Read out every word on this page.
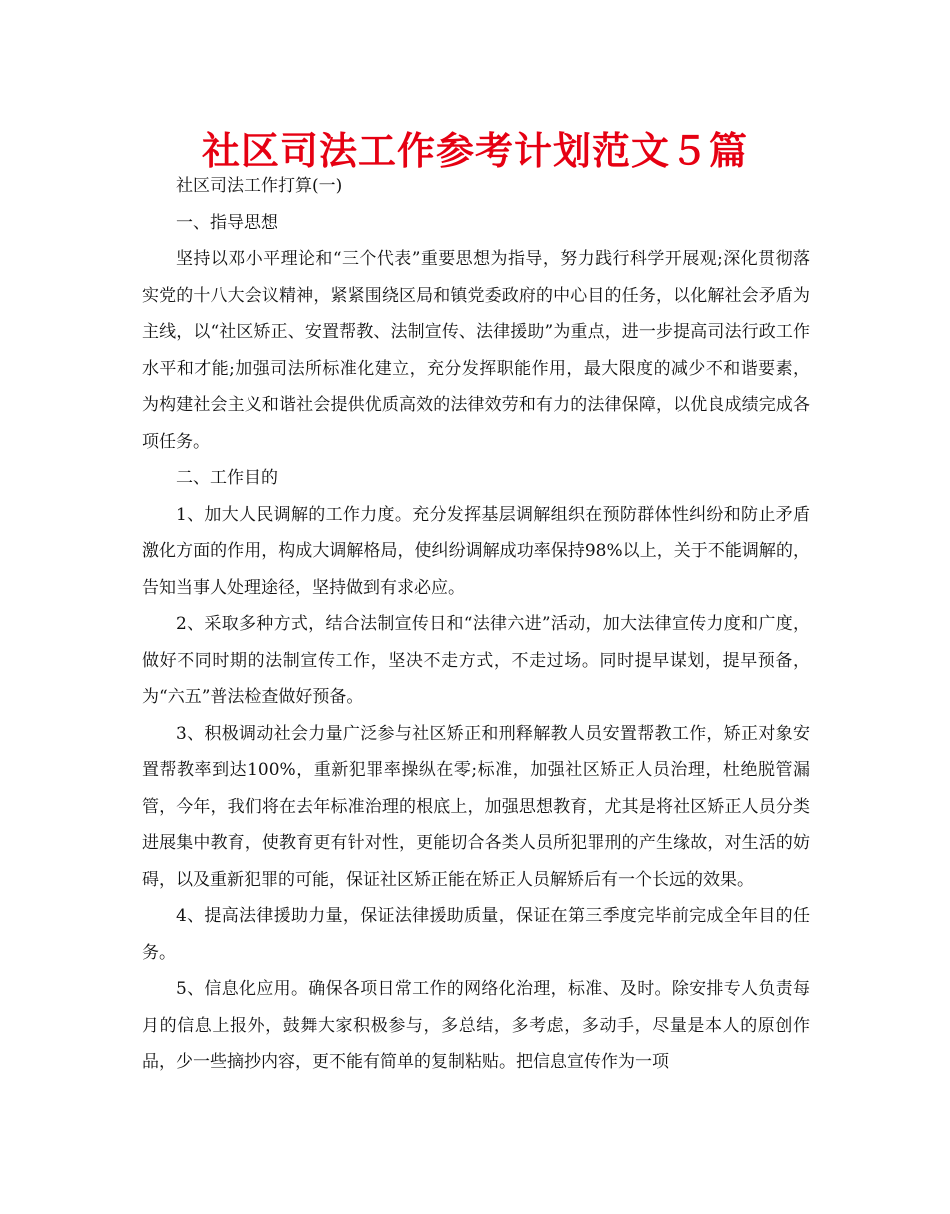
社区司法工作参考计划范文５篇

社区司法工作打算(一)

一、指导思想

坚持以邓小平理论和“三个代表”重要思想为指导，努力践行科学开展观;深化贯彻落实党的十八大会议精神，紧紧围绕区局和镇党委政府的中心目的任务，以化解社会矛盾为主线，以“社区矫正、安置帮教、法制宣传、法律援助”为重点，进一步提高司法行政工作水平和才能;加强司法所标准化建立，充分发挥职能作用，最大限度的减少不和谐要素，为构建社会主义和谐社会提供优质高效的法律效劳和有力的法律保障，以优良成绩完成各项任务。

二、工作目的

1、加大人民调解的工作力度。充分发挥基层调解组织在预防群体性纠纷和防止矛盾激化方面的作用，构成大调解格局，使纠纷调解成功率保持98%以上，关于不能调解的，告知当事人处理途径，坚持做到有求必应。

2、采取多种方式，结合法制宣传日和“法律六进”活动，加大法律宣传力度和广度，做好不同时期的法制宣传工作，坚决不走方式，不走过场。同时提早谋划，提早预备，为“六五”普法检查做好预备。

3、积极调动社会力量广泛参与社区矫正和刑释解教人员安置帮教工作，矫正对象安置帮教率到达100%，重新犯罪率操纵在零;标准，加强社区矫正人员治理，杜绝脱管漏管，今年，我们将在去年标准治理的根底上，加强思想教育，尤其是将社区矫正人员分类进展集中教育，使教育更有针对性，更能切合各类人员所犯罪刑的产生缘故，对生活的妨碍，以及重新犯罪的可能，保证社区矫正能在矫正人员解矫后有一个长远的效果。

4、提高法律援助力量，保证法律援助质量，保证在第三季度完毕前完成全年目的任务。

5、信息化应用。确保各项日常工作的网络化治理，标准、及时。除安排专人负责每月的信息上报外，鼓舞大家积极参与，多总结，多考虑，多动手，尽量是本人的原创作品，少一些摘抄内容，更不能有简单的复制粘贴。把信息宣传作为一项
